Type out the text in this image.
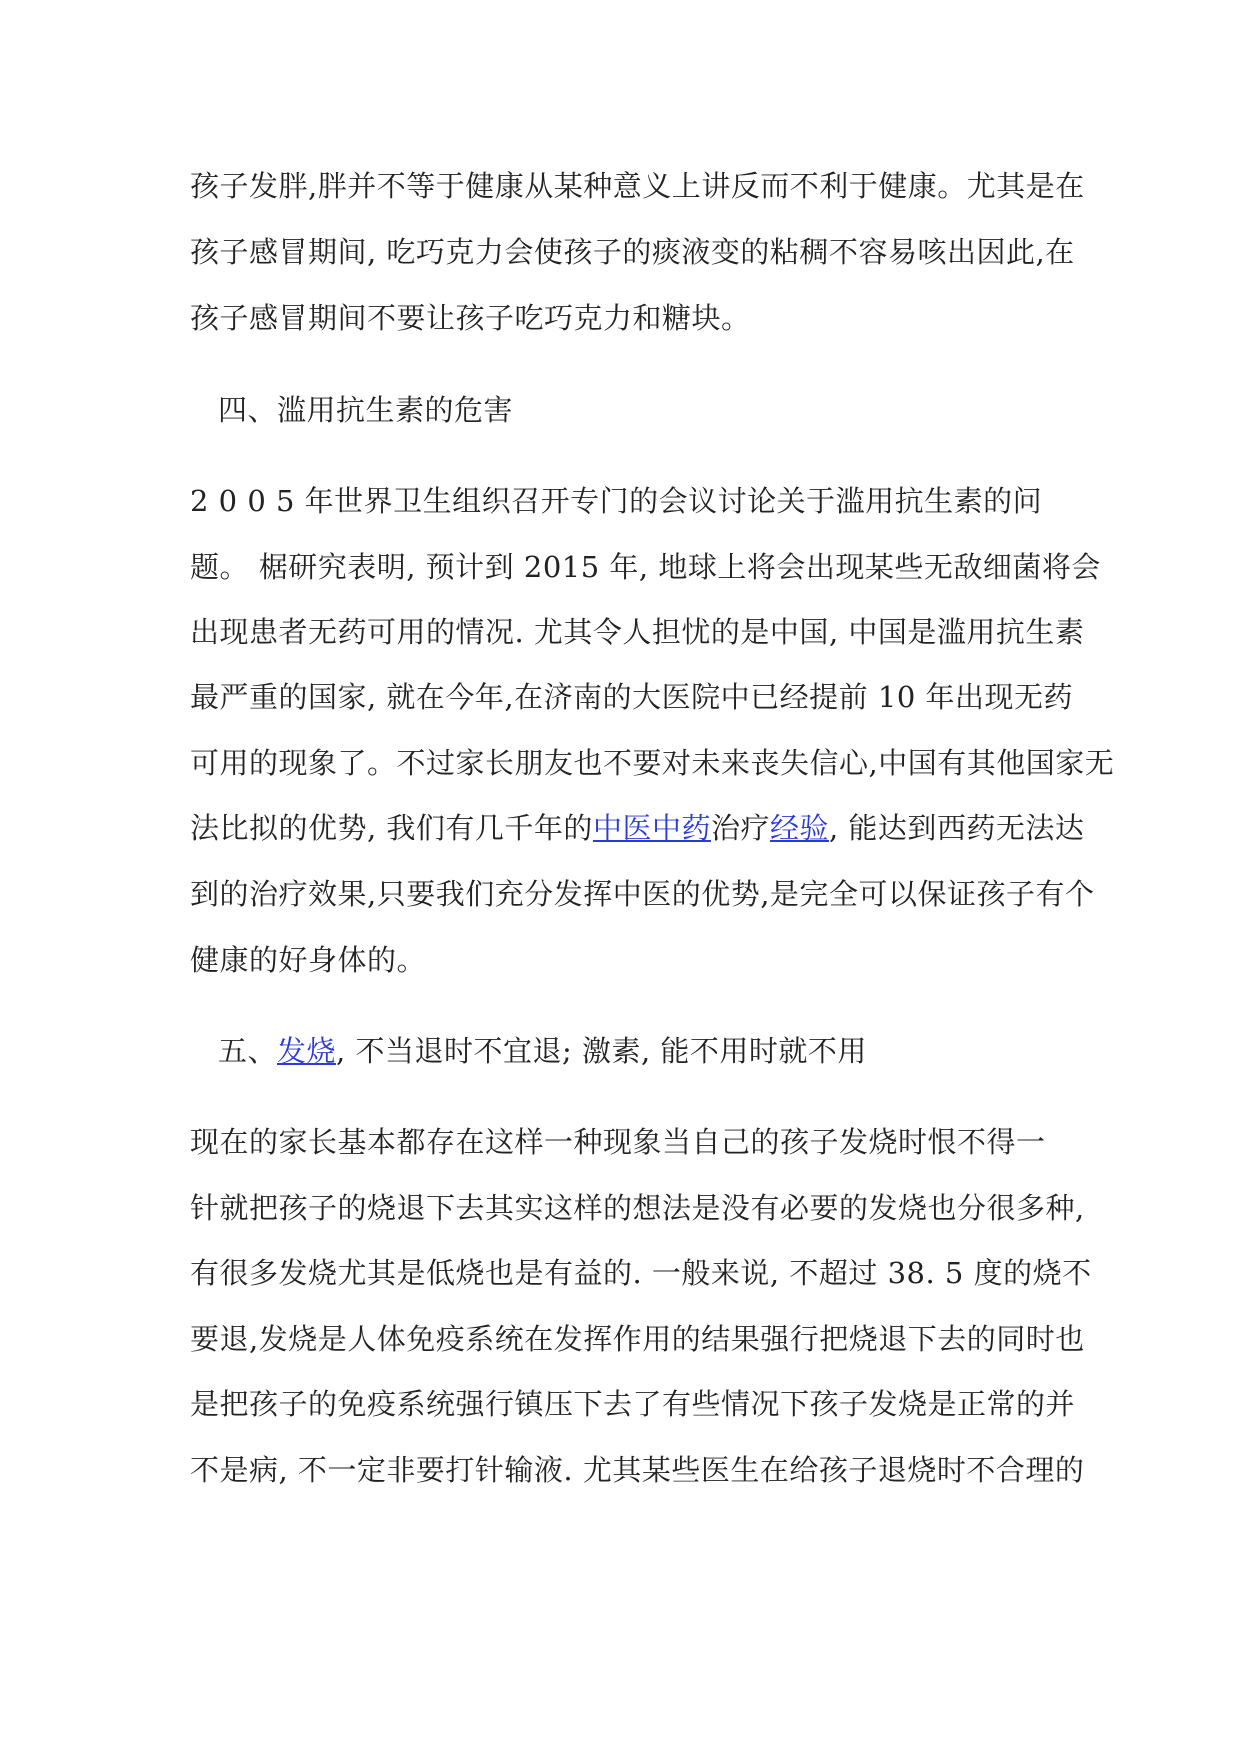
孩子发胖,胖并不等于健康从某种意义上讲反而不利于健康。尤其是在
孩子感冒期间, 吃巧克力会使孩子的痰液变的粘稠不容易咳出因此,在
孩子感冒期间不要让孩子吃巧克力和糖块。
四、滥用抗生素的危害
2 0 0 5 年世界卫生组织召开专门的会议讨论关于滥用抗生素的问
题。 椐研究表明, 预计到 2015 年, 地球上将会出现某些无敌细菌将会
出现患者无药可用的情况. 尤其令人担忧的是中国, 中国是滥用抗生素
最严重的国家, 就在今年,在济南的大医院中已经提前 10 年出现无药
可用的现象了。不过家长朋友也不要对未来丧失信心,中国有其他国家无
法比拟的优势, 我们有几千年的中医中药治疗经验, 能达到西药无法达
到的治疗效果,只要我们充分发挥中医的优势,是完全可以保证孩子有个
健康的好身体的。
五、发烧, 不当退时不宜退; 激素, 能不用时就不用
现在的家长基本都存在这样一种现象当自己的孩子发烧时恨不得一
针就把孩子的烧退下去其实这样的想法是没有必要的发烧也分很多种,
有很多发烧尤其是低烧也是有益的. 一般来说, 不超过 38. 5 度的烧不
要退,发烧是人体免疫系统在发挥作用的结果强行把烧退下去的同时也
是把孩子的免疫系统强行镇压下去了有些情况下孩子发烧是正常的并
不是病, 不一定非要打针输液. 尤其某些医生在给孩子退烧时不合理的
